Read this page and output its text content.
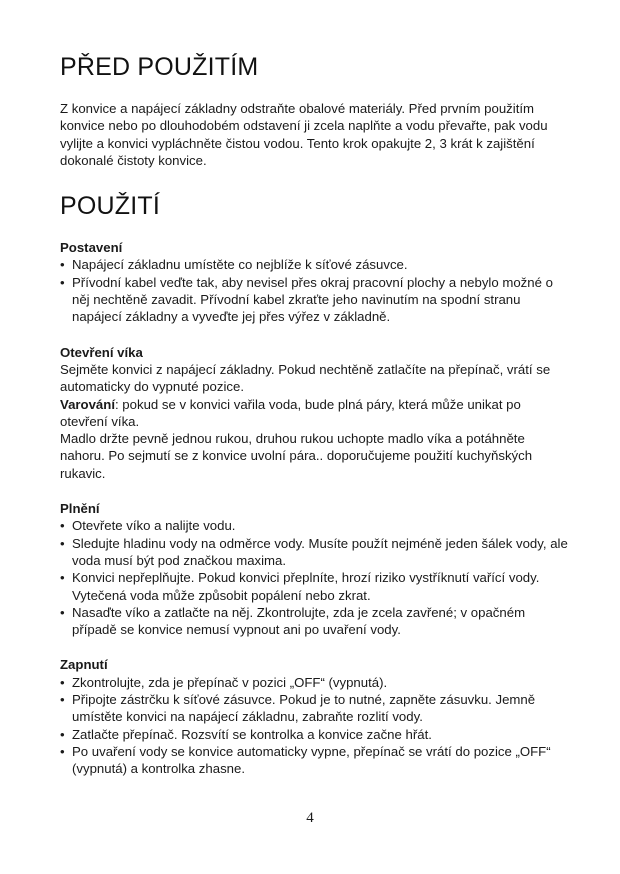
PŘED POUŽITÍM

Z konvice a napájecí základny odstraňte obalové materiály. Před prvním použitím konvice nebo po dlouhodobém odstavení ji zcela naplňte a vodu převařte, pak vodu vylijte a konvici vypláchněte čistou vodou. Tento krok opakujte 2, 3 krát k zajištění dokonalé čistoty konvice.

POUŽITÍ

Postavení

• Napájecí základnu umístěte co nejblíže k síťové zásuvce.
• Přívodní kabel veďte tak, aby nevisel přes okraj pracovní plochy a nebylo možné o něj nechtěně zavadit. Přívodní kabel zkraťte jeho navinutím na spodní stranu napájecí základny a vyveďte jej přes výřez v základně.

Otevření víka

Sejměte konvici z napájecí základny. Pokud nechtěně zatlačíte na přepínač, vrátí se automaticky do vypnuté pozice.

Varování: pokud se v konvici vařila voda, bude plná páry, která může unikat po otevření víka.

Madlo držte pevně jednou rukou, druhou rukou uchopte madlo víka a potáhněte nahoru. Po sejmutí se z konvice uvolní pára.. doporučujeme použití kuchyňských rukavic.

Plnění

• Otevřete víko a nalijte vodu.
• Sledujte hladinu vody na odměrce vody. Musíte použít nejméně jeden šálek vody, ale voda musí být pod značkou maxima.
• Konvici nepřeplňujte. Pokud konvici přeplníte, hrozí riziko vystříknutí vařící vody. Vytečená voda může způsobit popálení nebo zkrat.
• Nasaďte víko a zatlačte na něj. Zkontrolujte, zda je zcela zavřené; v opačném případě se konvice nemusí vypnout ani po uvaření vody.

Zapnutí

• Zkontrolujte, zda je přepínač v pozici „OFF“ (vypnutá).
• Připojte zástrčku k síťové zásuvce. Pokud je to nutné, zapněte zásuvku. Jemně umístěte konvici na napájecí základnu, zabraňte rozlití vody.
• Zatlačte přepínač. Rozsvítí se kontrolka a konvice začne hřát.
• Po uvaření vody se konvice automaticky vypne, přepínač se vrátí do pozice „OFF“ (vypnutá) a kontrolka zhasne.
4
